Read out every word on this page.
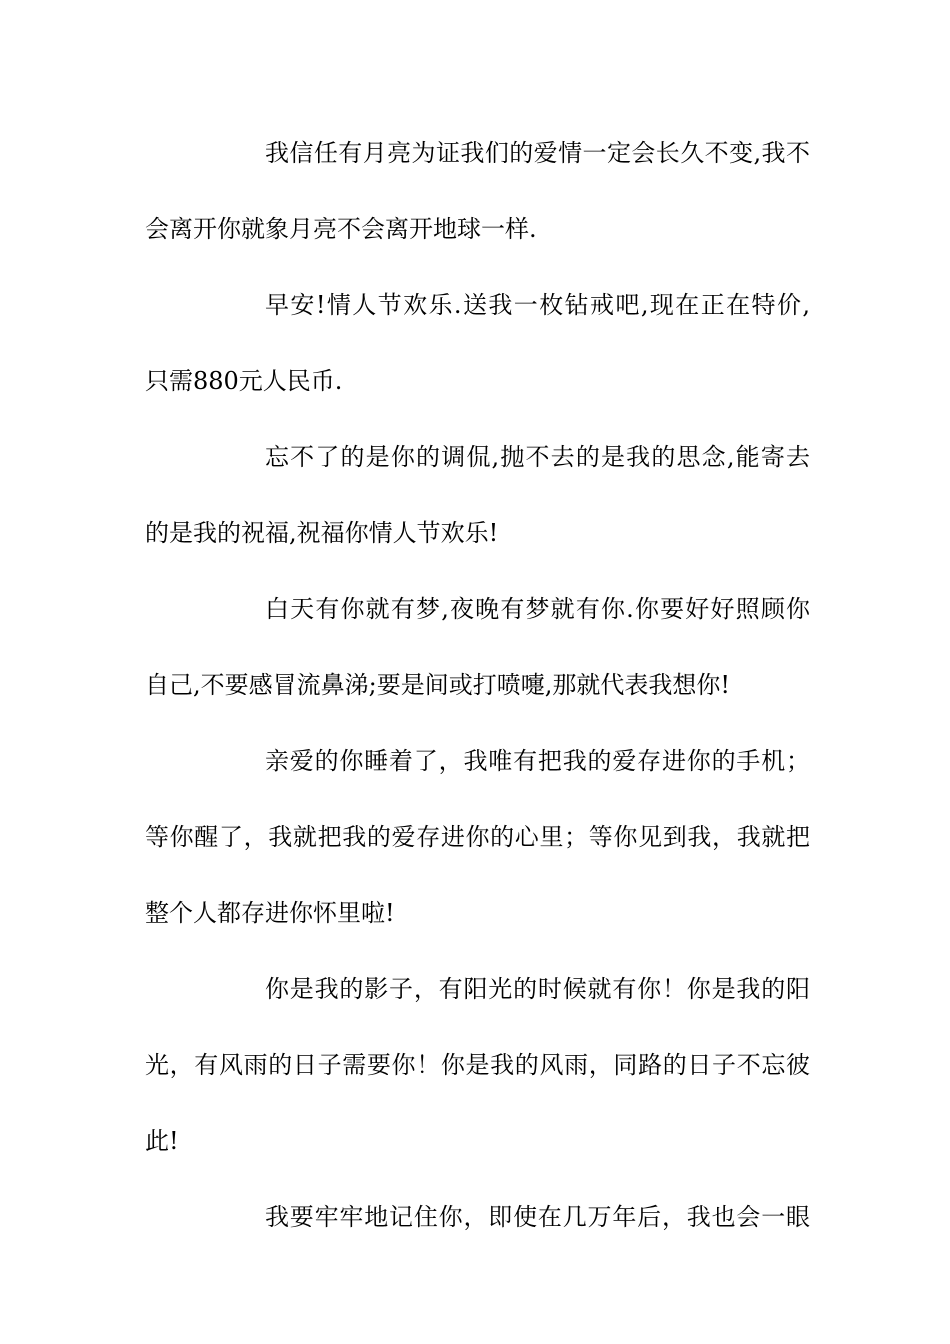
我信任有月亮为证我们的爱情一定会长久不变,我不
会离开你就象月亮不会离开地球一样.
早安!情人节欢乐.送我一枚钻戒吧,现在正在特价,
只需880元人民币.
忘不了的是你的调侃,抛不去的是我的思念,能寄去
的是我的祝福,祝福你情人节欢乐!
白天有你就有梦,夜晚有梦就有你.你要好好照顾你
自己,不要感冒流鼻涕;要是间或打喷嚏,那就代表我想你!
亲爱的你睡着了，我唯有把我的爱存进你的手机；
等你醒了，我就把我的爱存进你的心里；等你见到我，我就把
整个人都存进你怀里啦!
你是我的影子，有阳光的时候就有你！你是我的阳
光，有风雨的日子需要你！你是我的风雨，同路的日子不忘彼
此!
我要牢牢地记住你，即使在几万年后，我也会一眼
